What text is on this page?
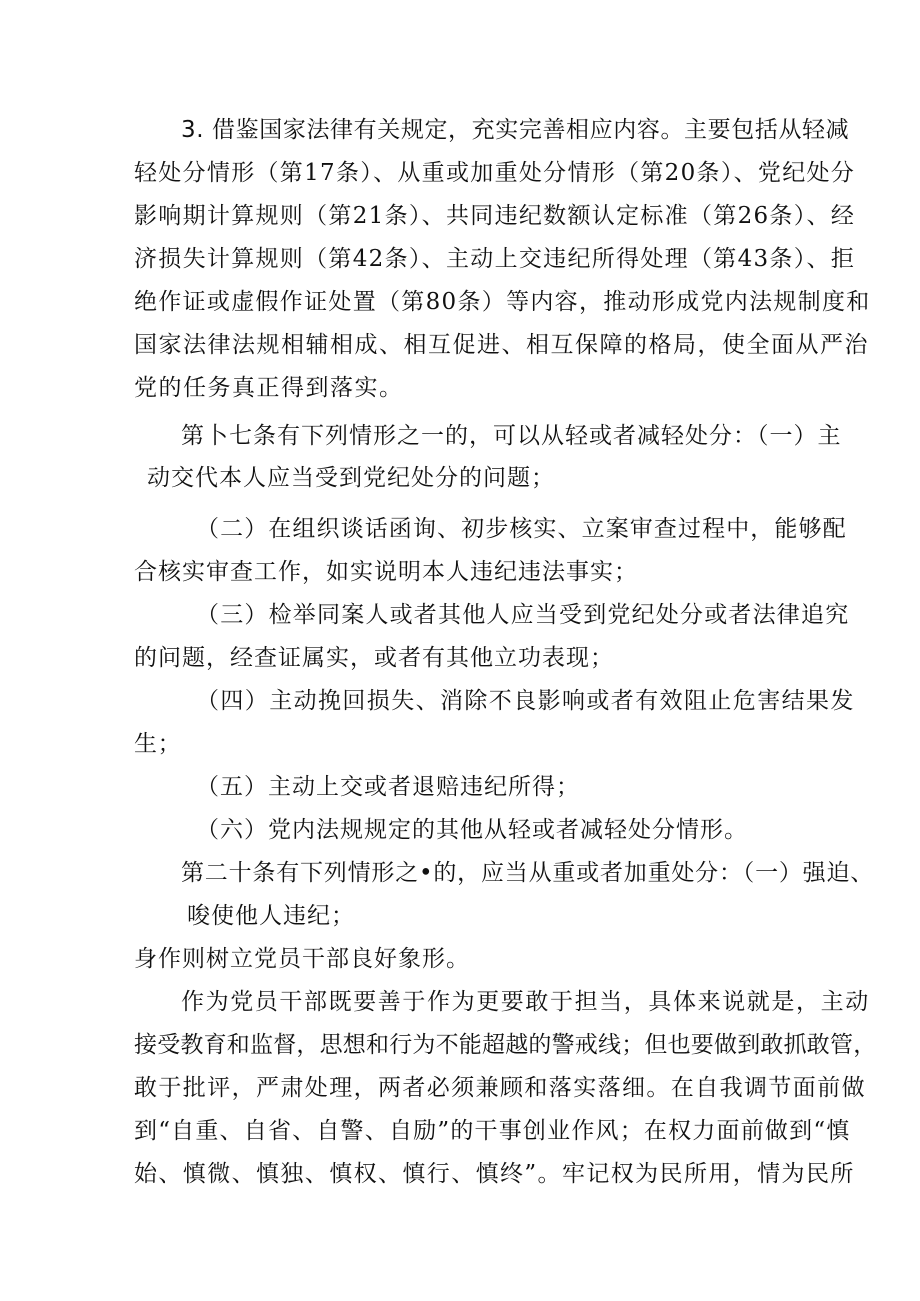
3. 借鉴国家法律有关规定，充实完善相应内容。主要包括从轻减

轻处分情形（第17条）、从重或加重处分情形（第20条）、党纪处分

影响期计算规则（第21条）、共同违纪数额认定标准（第26条）、经

济损失计算规则（第42条）、主动上交违纪所得处理（第43条）、拒

绝作证或虚假作证处置（第80条）等内容，推动形成党内法规制度和

国家法律法规相辅相成、相互促进、相互保障的格局，使全面从严治

党的任务真正得到落实。

第卜七条有下列情形之一的，可以从轻或者减轻处分：（一）主

动交代本人应当受到党纪处分的问题；

（二）在组织谈话函询、初步核实、立案审查过程中，能够配

合核实审查工作，如实说明本人违纪违法事实；

（三）检举同案人或者其他人应当受到党纪处分或者法律追究

的问题，经查证属实，或者有其他立功表现；

（四）主动挽回损失、消除不良影响或者有效阻止危害结果发

生；

（五）主动上交或者退赔违纪所得；

（六）党内法规规定的其他从轻或者减轻处分情形。

第二十条有下列情形之•的，应当从重或者加重处分：（一）强迫、

唆使他人违纪；

身作则树立党员干部良好象形。

作为党员干部既要善于作为更要敢于担当，具体来说就是，主动

接受教育和监督，思想和行为不能超越的警戒线；但也要做到敢抓敢管，

敢于批评，严肃处理，两者必须兼顾和落实落细。在自我调节面前做

到“自重、自省、自警、自励”的干事创业作风；在权力面前做到“慎

始、慎微、慎独、慎权、慎行、慎终”。牢记权为民所用，情为民所
